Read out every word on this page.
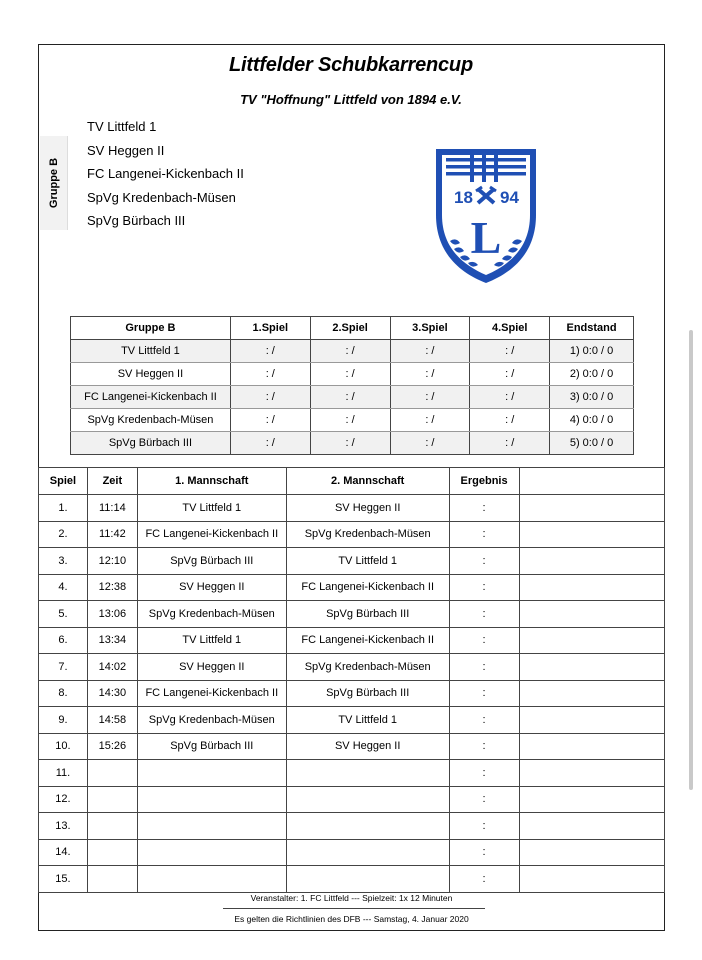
Littfelder Schubkarrencup
TV "Hoffnung" Littfeld von 1894 e.V.
Gruppe B
TV Littfeld 1
SV Heggen II
FC Langenei-Kickenbach II
SpVg Kredenbach-Müsen
SpVg Bürbach III
18 94
L
Gruppe B	1.Spiel	2.Spiel	3.Spiel	4.Spiel	Endstand
TV Littfeld 1	: /	: /	: /	: /	1) 0:0 / 0
SV Heggen II	: /	: /	: /	: /	2) 0:0 / 0
FC Langenei-Kickenbach II	: /	: /	: /	: /	3) 0:0 / 0
SpVg Kredenbach-Müsen	: /	: /	: /	: /	4) 0:0 / 0
SpVg Bürbach III	: /	: /	: /	: /	5) 0:0 / 0
Spiel	Zeit	1. Mannschaft	2. Mannschaft	Ergebnis	
1.	11:14	TV Littfeld 1	SV Heggen II	:	
2.	11:42	FC Langenei-Kickenbach II	SpVg Kredenbach-Müsen	:	
3.	12:10	SpVg Bürbach III	TV Littfeld 1	:	
4.	12:38	SV Heggen II	FC Langenei-Kickenbach II	:	
5.	13:06	SpVg Kredenbach-Müsen	SpVg Bürbach III	:	
6.	13:34	TV Littfeld 1	FC Langenei-Kickenbach II	:	
7.	14:02	SV Heggen II	SpVg Kredenbach-Müsen	:	
8.	14:30	FC Langenei-Kickenbach II	SpVg Bürbach III	:	
9.	14:58	SpVg Kredenbach-Müsen	TV Littfeld 1	:	
10.	15:26	SpVg Bürbach III	SV Heggen II	:	
11.				:	
12.				:	
13.				:	
14.				:	
15.				:	
Veranstalter: 1. FC Littfeld --- Spielzeit: 1x 12 Minuten
Es gelten die Richtlinien des DFB --- Samstag, 4. Januar 2020
